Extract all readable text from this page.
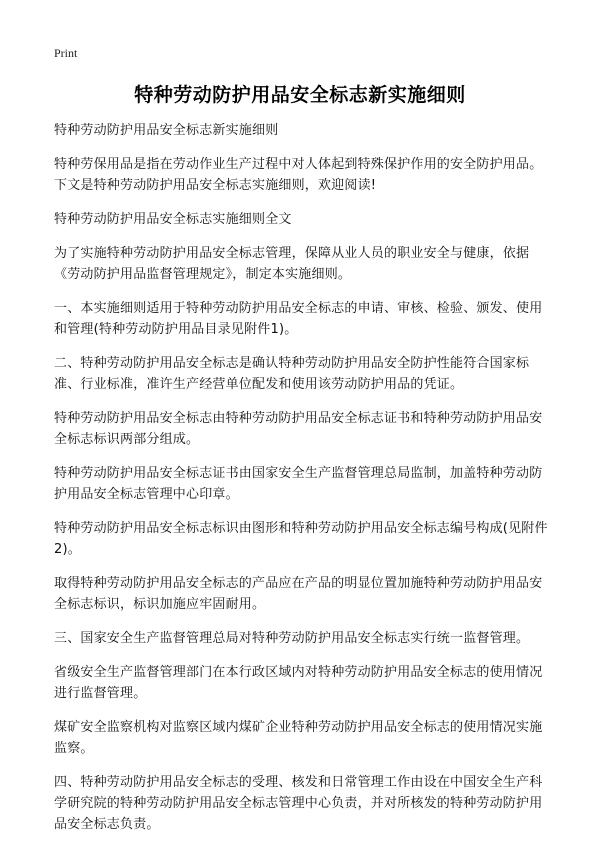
Print
特种劳动防护用品安全标志新实施细则

特种劳动防护用品安全标志新实施细则

特种劳保用品是指在劳动作业生产过程中对人体起到特殊保护作用的安全防护用品。下文是特种劳动防护用品安全标志实施细则，欢迎阅读!

特种劳动防护用品安全标志实施细则全文

为了实施特种劳动防护用品安全标志管理，保障从业人员的职业安全与健康，依据《劳动防护用品监督管理规定》，制定本实施细则。

一、本实施细则适用于特种劳动防护用品安全标志的申请、审核、检验、颁发、使用和管理(特种劳动防护用品目录见附件1)。

二、特种劳动防护用品安全标志是确认特种劳动防护用品安全防护性能符合国家标准、行业标准，准许生产经营单位配发和使用该劳动防护用品的凭证。

特种劳动防护用品安全标志由特种劳动防护用品安全标志证书和特种劳动防护用品安全标志标识两部分组成。

特种劳动防护用品安全标志证书由国家安全生产监督管理总局监制，加盖特种劳动防护用品安全标志管理中心印章。

特种劳动防护用品安全标志标识由图形和特种劳动防护用品安全标志编号构成(见附件2)。

取得特种劳动防护用品安全标志的产品应在产品的明显位置加施特种劳动防护用品安全标志标识，标识加施应牢固耐用。

三、国家安全生产监督管理总局对特种劳动防护用品安全标志实行统一监督管理。

省级安全生产监督管理部门在本行政区域内对特种劳动防护用品安全标志的使用情况进行监督管理。

煤矿安全监察机构对监察区域内煤矿企业特种劳动防护用品安全标志的使用情况实施监察。

四、特种劳动防护用品安全标志的受理、核发和日常管理工作由设在中国安全生产科学研究院的特种劳动防护用品安全标志管理中心负责，并对所核发的特种劳动防护用品安全标志负责。
